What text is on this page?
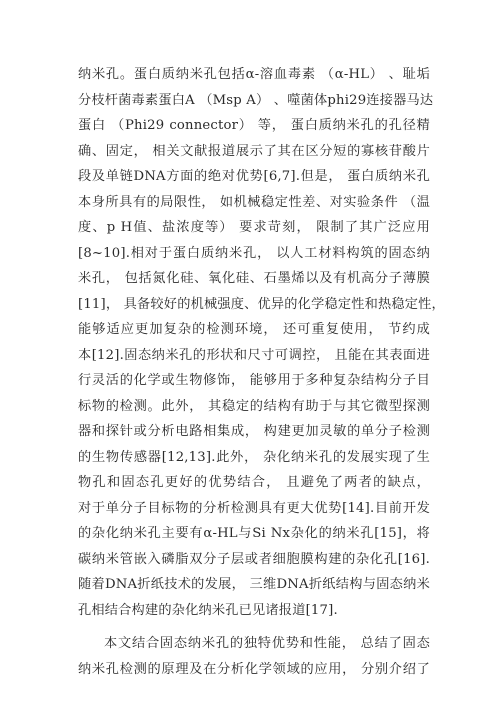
纳米孔。蛋白质纳米孔包括α-溶血毒素 （α-HL） 、耻垢
分枝杆菌毒素蛋白A （Msp A） 、噬菌体phi29连接器马达
蛋白 （Phi29 connector） 等， 蛋白质纳米孔的孔径精
确、固定， 相关文献报道展示了其在区分短的寡核苷酸片
段及单链DNA方面的绝对优势[6,7].但是， 蛋白质纳米孔
本身所具有的局限性， 如机械稳定性差、对实验条件 （温
度、p H值、盐浓度等） 要求苛刻， 限制了其广泛应用
[8~10].相对于蛋白质纳米孔， 以人工材料构筑的固态纳
米孔， 包括氮化硅、氧化硅、石墨烯以及有机高分子薄膜
[11]， 具备较好的机械强度、优异的化学稳定性和热稳定性，
能够适应更加复杂的检测环境， 还可重复使用， 节约成
本[12].固态纳米孔的形状和尺寸可调控， 且能在其表面进
行灵活的化学或生物修饰， 能够用于多种复杂结构分子目
标物的检测。此外， 其稳定的结构有助于与其它微型探测
器和探针或分析电路相集成， 构建更加灵敏的单分子检测
的生物传感器[12,13].此外， 杂化纳米孔的发展实现了生
物孔和固态孔更好的优势结合， 且避免了两者的缺点，
对于单分子目标物的分析检测具有更大优势[14].目前开发
的杂化纳米孔主要有α-HL与Si Nx杂化的纳米孔[15]，将
碳纳米管嵌入磷脂双分子层或者细胞膜构建的杂化孔[16].
随着DNA折纸技术的发展， 三维DNA折纸结构与固态纳米
孔相结合构建的杂化纳米孔已见诸报道[17].
本文结合固态纳米孔的独特优势和性能， 总结了固态
纳米孔检测的原理及在分析化学领域的应用， 分别介绍了
